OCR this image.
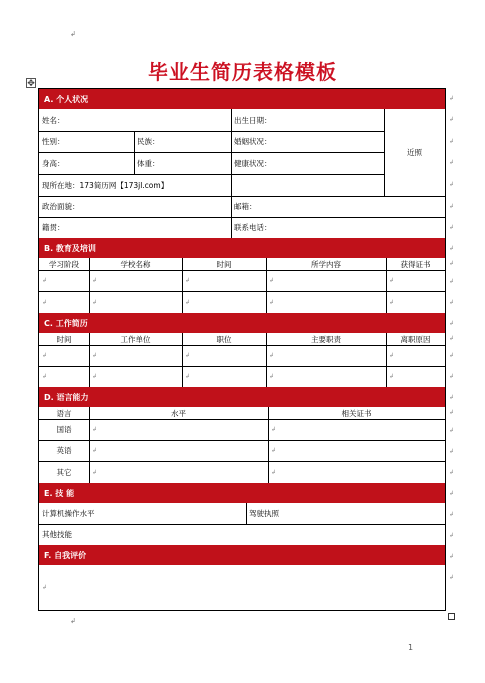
↲
✥	毕业生简历表格模板
A. 个人状况
姓名：	出生日期：
性别：	民族：	婚姻状况：
身高：	体重：	健康状况：
近照
现所在地：173简历网【173jl.com】
政治面貌：	邮箱：
籍贯：	联系电话：
B. 教育及培训
学习阶段	学校名称	时间	所学内容	获得证书
↲	↲	↲	↲	↲
↲	↲	↲	↲	↲
C. 工作简历
时间	工作单位	职位	主要职责	离职原因
↲	↲	↲	↲	↲
↲	↲	↲	↲	↲
D. 语言能力
语言	水平	相关证书
国语	↲	↲
英语	↲	↲
其它	↲	↲
E. 技 能
计算机操作水平	驾驶执照
其他技能
F. 自我评价
↲
↲
↲
↲
↲
↲
↲
↲
↲
↲
↲
↲
↲
↲
↲
↲
↲
↲
↲
↲
↲
↲
↲
↲
↲
↲
↲
1
